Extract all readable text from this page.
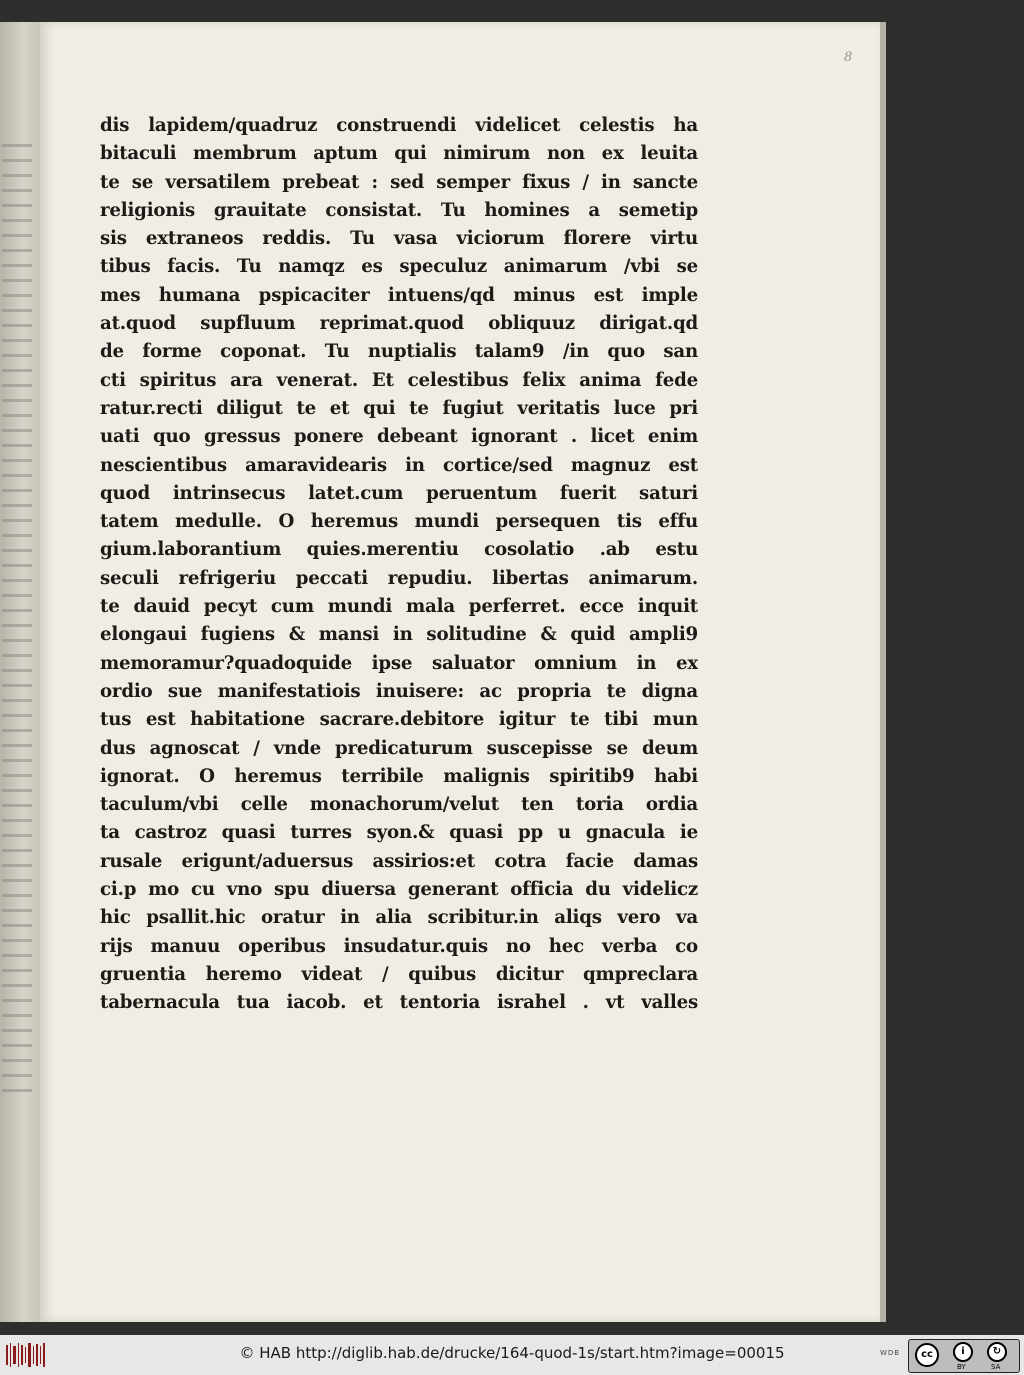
8
dis lapidem/quadruz construendi videlicet celestis ha
bitaculi membrum aptum qui nimirum non ex leuita
te se versatilem prebeat : sed semper fixus / in sancte
religionis grauitate consistat. Tu homines a semetip
sis extraneos reddis. Tu vasa viciorum florere virtu
tibus facis. Tu namqz es speculuz animarum /vbi se
mes humana pspicaciter intuens/qd minus est imple
at.quod supfluum reprimat.quod obliquuz dirigat.qd
de forme coponat. Tu nuptialis talam9 /in quo san
cti spiritus ara venerat. Et celestibus felix anima fede
ratur.recti diligut te et qui te fugiut veritatis luce pri
uati quo gressus ponere debeant ignorant . licet enim
nescientibus amaravidearis in cortice/sed magnuz est
quod intrinsecus latet.cum peruentum fuerit saturi
tatem medulle. O heremus mundi persequen tis effu
gium.laborantium quies.merentiu cosolatio .ab estu
seculi refrigeriu peccati repudiu. libertas animarum.
te dauid pecyt cum mundi mala perferret. ecce inquit
elongaui fugiens & mansi in solitudine & quid ampli9
memoramur?quadoquide ipse saluator omnium in ex
ordio sue manifestatiois inuisere: ac propria te digna
tus est habitatione sacrare.debitore igitur te tibi mun
dus agnoscat / vnde predicaturum suscepisse se deum
ignorat. O heremus terribile malignis spiritib9 habi
taculum/vbi celle monachorum/velut ten toria ordia
ta castroz quasi turres syon.& quasi pp u gnacula ie
rusale erigunt/aduersus assirios:et cotra facie damas
ci.p mo cu vno spu diuersa generant officia du videlicz
hic psallit.hic oratur in alia scribitur.in aliqs vero va
rijs manuu operibus insudatur.quis no hec verba co
gruentia heremo videat / quibus dicitur qmpreclara
tabernacula tua iacob. et tentoria israhel . vt valles
© HAB http://diglib.hab.de/drucke/164-quod-1s/start.htm?image=00015	WDB	cc	i
BY
↻
SA
